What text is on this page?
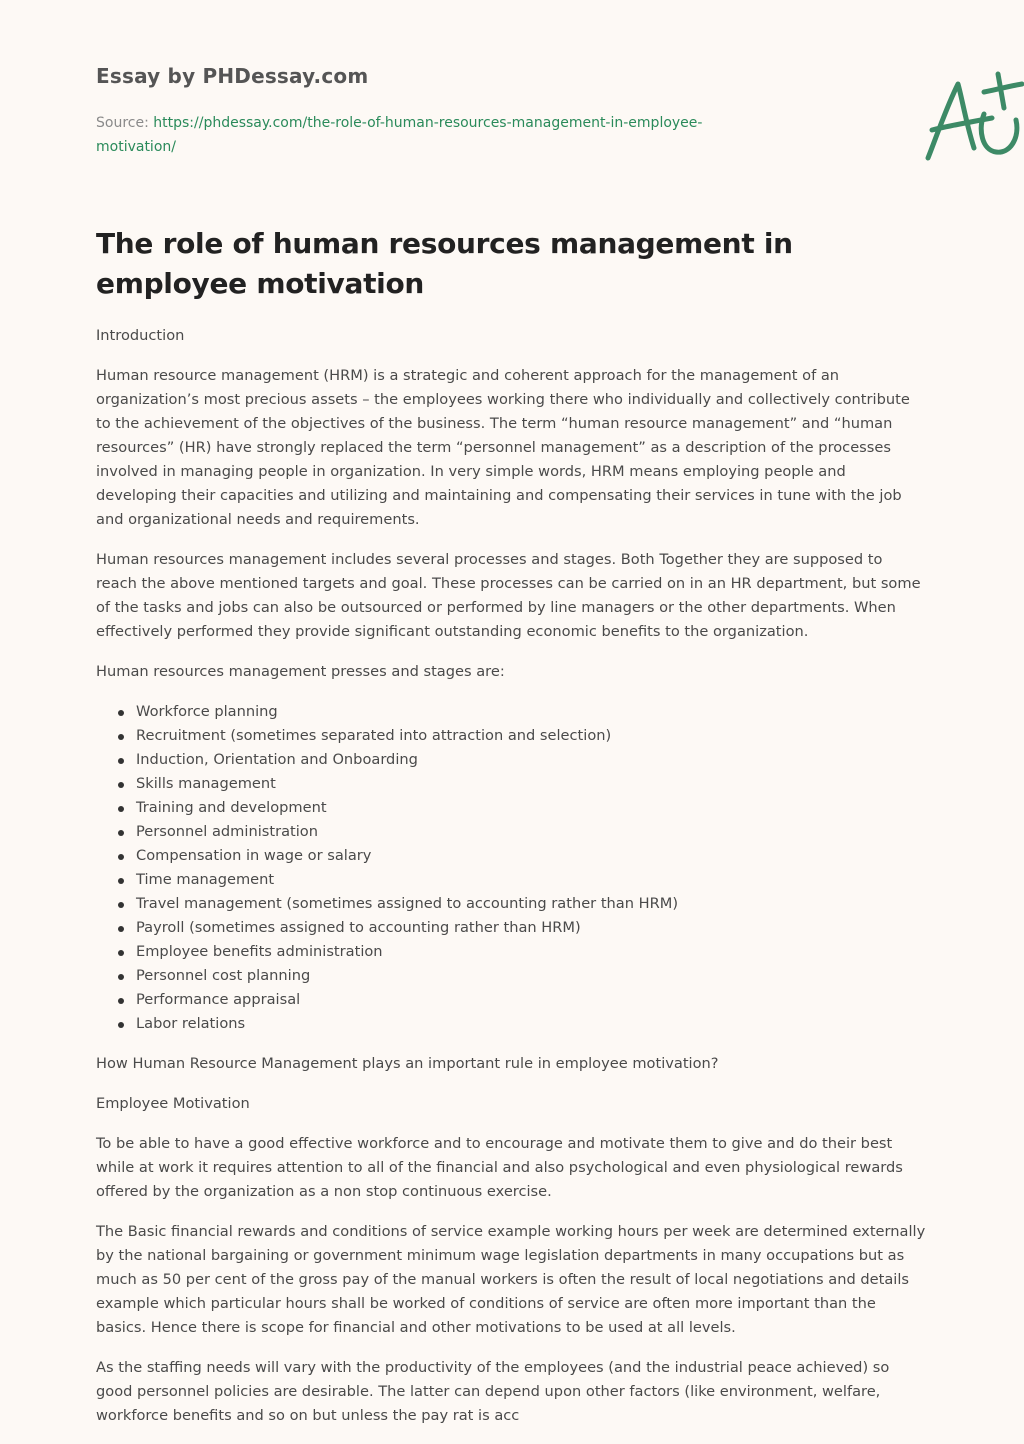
Essay by PHDessay.com
Source: https://phdessay.com/the-role-of-human-resources-management-in-employee-motivation/
A+
The role of human resources management in employee motivation

Introduction

Human resource management (HRM) is a strategic and coherent approach for the management of an organization’s most precious assets – the employees working there who individually and collectively contribute to the achievement of the objectives of the business. The term “human resource management” and “human resources” (HR) have strongly replaced the term “personnel management” as a description of the processes involved in managing people in organization. In very simple words, HRM means employing people and developing their capacities and utilizing and maintaining and compensating their services in tune with the job and organizational needs and requirements.

Human resources management includes several processes and stages. Both Together they are supposed to reach the above mentioned targets and goal. These processes can be carried on in an HR department, but some of the tasks and jobs can also be outsourced or performed by line managers or the other departments. When effectively performed they provide significant outstanding economic benefits to the organization.

Human resources management presses and stages are:

Workforce planning
Recruitment (sometimes separated into attraction and selection)
Induction, Orientation and Onboarding
Skills management
Training and development
Personnel administration
Compensation in wage or salary
Time management
Travel management (sometimes assigned to accounting rather than HRM)
Payroll (sometimes assigned to accounting rather than HRM)
Employee benefits administration
Personnel cost planning
Performance appraisal
Labor relations

How Human Resource Management plays an important rule in employee motivation?

Employee Motivation

To be able to have a good effective workforce and to encourage and motivate them to give and do their best while at work it requires attention to all of the financial and also psychological and even physiological rewards offered by the organization as a non stop continuous exercise.

The Basic financial rewards and conditions of service example working hours per week are determined externally by the national bargaining or government minimum wage legislation departments in many occupations but as much as 50 per cent of the gross pay of the manual workers is often the result of local negotiations and details example which particular hours shall be worked of conditions of service are often more important than the basics. Hence there is scope for financial and other motivations to be used at all levels.

As the staffing needs will vary with the productivity of the employees (and the industrial peace achieved) so good personnel policies are desirable. The latter can depend upon other factors (like environment, welfare, workforce benefits and so on but unless the pay rat is acc
